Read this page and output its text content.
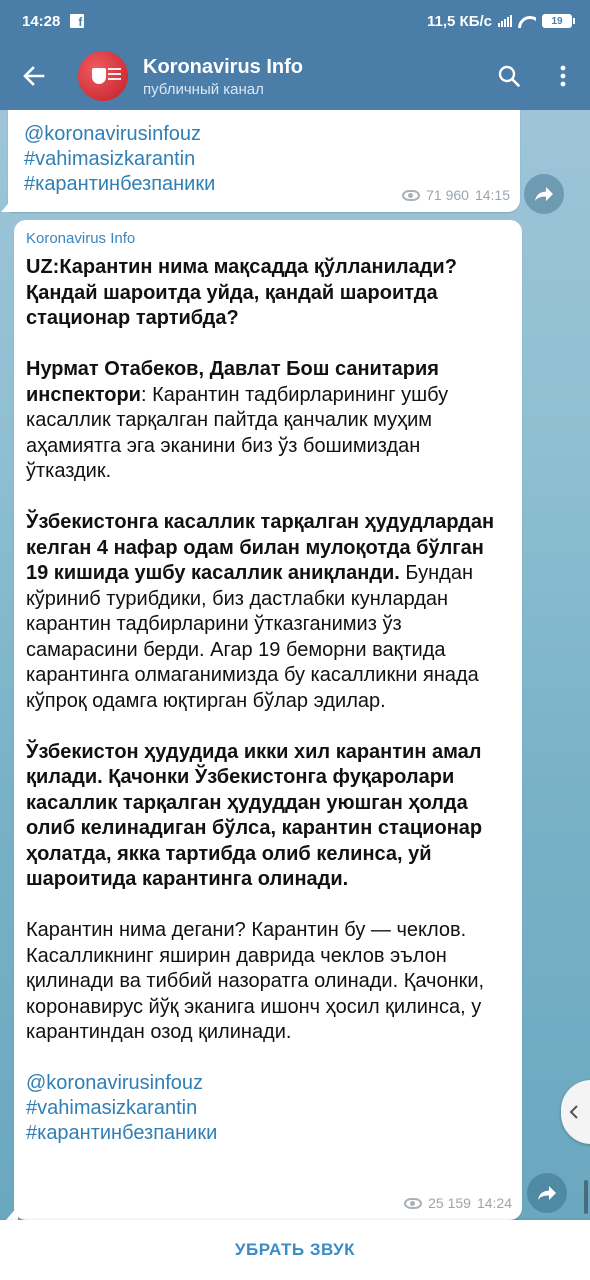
14:28	f	11,5 КБ/с	19
Koronavirus Info
публичный канал
@koronavirusinfouz
#vahimasizkarantin
#карантинбезпаники	71 960 14:15
Koronavirus Info

UZ:Карантин нима мақсадда қўлланилади? Қандай шароитда уйда, қандай шароитда стационар тартибда?

Нурмат Отабеков, Давлат Бош санитария инспектори: Карантин тадбирларининг ушбу касаллик тарқалган пайтда қанчалик муҳим аҳамиятга эга эканини биз ўз бошимиздан ўтказдик.

Ўзбекистонга касаллик тарқалган ҳудудлардан келган 4 нафар одам билан мулоқотда бўлган 19 кишида ушбу касаллик аниқланди. Бундан кўриниб турибдики, биз дастлабки кунлардан карантин тадбирларини ўтказганимиз ўз самарасини берди. Агар 19 беморни вақтида карантинга олмаганимизда бу касалликни янада кўпроқ одамга юқтирган бўлар эдилар.

Ўзбекистон ҳудудида икки хил карантин амал қилади. Қачонки Ўзбекистонга фуқаролари касаллик тарқалган ҳудуддан уюшган ҳолда олиб келинадиган бўлса, карантин стационар ҳолатда, якка тартибда олиб келинса, уй шароитида карантинга олинади.

Карантин нима дегани? Карантин бу — чеклов. Касалликнинг яширин даврида чеклов эълон қилинади ва тиббий назоратга олинади. Қачонки, коронавирус йўқ эканига ишонч ҳосил қилинса, у карантиндан озод қилинади.

@koronavirusinfouz

#vahimasizkarantin

#карантинбезпаники

25 159 14:24
УБРАТЬ ЗВУК
